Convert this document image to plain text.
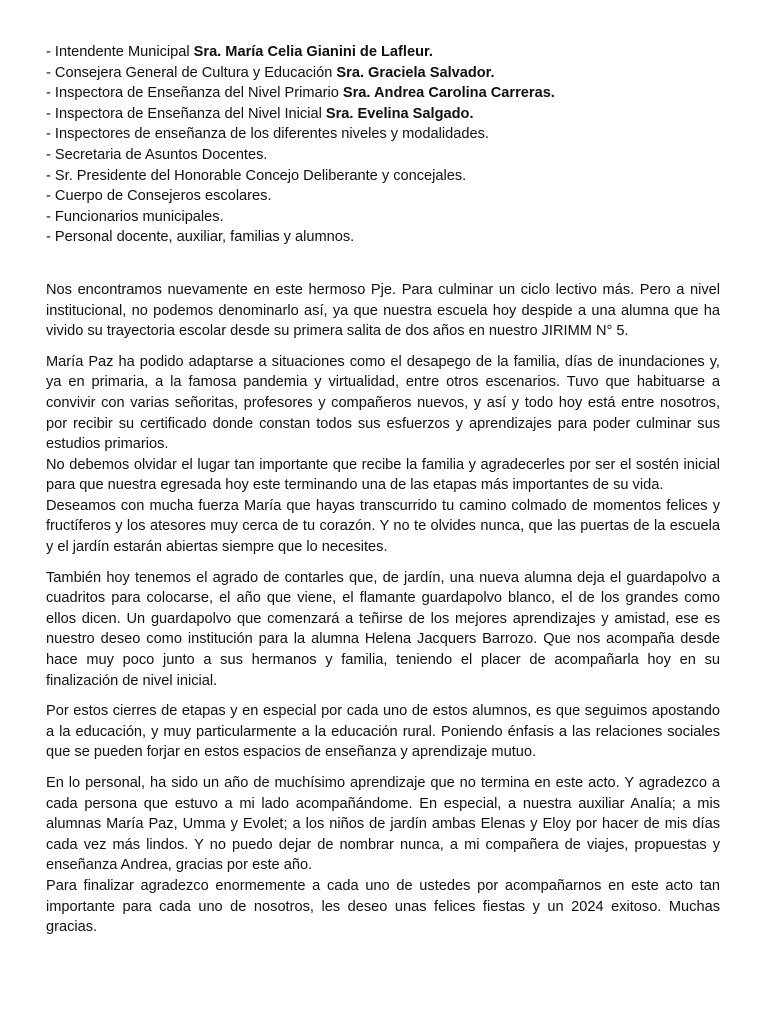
- Intendente Municipal Sra. María Celia Gianini de Lafleur.
- Consejera General de Cultura y Educación Sra. Graciela Salvador.
- Inspectora de Enseñanza del Nivel Primario Sra. Andrea Carolina Carreras.
- Inspectora de Enseñanza del Nivel Inicial Sra. Evelina Salgado.
- Inspectores de enseñanza de los diferentes niveles y modalidades.
- Secretaria de Asuntos Docentes.
- Sr. Presidente del Honorable Concejo Deliberante y concejales.
- Cuerpo de Consejeros escolares.
- Funcionarios municipales.
- Personal docente, auxiliar, familias y alumnos.

Nos encontramos nuevamente en este hermoso Pje. Para culminar un ciclo lectivo más. Pero a nivel institucional, no podemos denominarlo así, ya que nuestra escuela hoy despide a una alumna que ha vivido su trayectoria escolar desde su primera salita de dos años en nuestro JIRIMM N° 5.

María Paz ha podido adaptarse a situaciones como el desapego de la familia, días de inundaciones y, ya en primaria, a la famosa pandemia y virtualidad, entre otros escenarios. Tuvo que habituarse a convivir con varias señoritas, profesores y compañeros nuevos, y así y todo hoy está entre nosotros, por recibir su certificado donde constan todos sus esfuerzos y aprendizajes para poder culminar sus estudios primarios.

No debemos olvidar el lugar tan importante que recibe la familia y agradecerles por ser el sostén inicial para que nuestra egresada hoy este terminando una de las etapas más importantes de su vida.

Deseamos con mucha fuerza María que hayas transcurrido tu camino colmado de momentos felices y fructíferos y los atesores muy cerca de tu corazón. Y no te olvides nunca, que las puertas de la escuela y el jardín estarán abiertas siempre que lo necesites.

También hoy tenemos el agrado de contarles que, de jardín, una nueva alumna deja el guardapolvo a cuadritos para colocarse, el año que viene, el flamante guardapolvo blanco, el de los grandes como ellos dicen. Un guardapolvo que comenzará a teñirse de los mejores aprendizajes y amistad, ese es nuestro deseo como institución para la alumna Helena Jacquers Barrozo. Que nos acompaña desde hace muy poco junto a sus hermanos y familia, teniendo el placer de acompañarla hoy en su finalización de nivel inicial.

Por estos cierres de etapas y en especial por cada uno de estos alumnos, es que seguimos apostando a la educación, y muy particularmente a la educación rural. Poniendo énfasis a las relaciones sociales que se pueden forjar en estos espacios de enseñanza y aprendizaje mutuo.

En lo personal, ha sido un año de muchísimo aprendizaje que no termina en este acto. Y agradezco a cada persona que estuvo a mi lado acompañándome. En especial, a nuestra auxiliar Analía; a mis alumnas María Paz, Umma y Evolet; a los niños de jardín ambas Elenas y Eloy por hacer de mis días cada vez más lindos. Y no puedo dejar de nombrar nunca, a mi compañera de viajes, propuestas y enseñanza Andrea, gracias por este año.

Para finalizar agradezco enormemente a cada uno de ustedes por acompañarnos en este acto tan importante para cada uno de nosotros, les deseo unas felices fiestas y un 2024 exitoso. Muchas gracias.
